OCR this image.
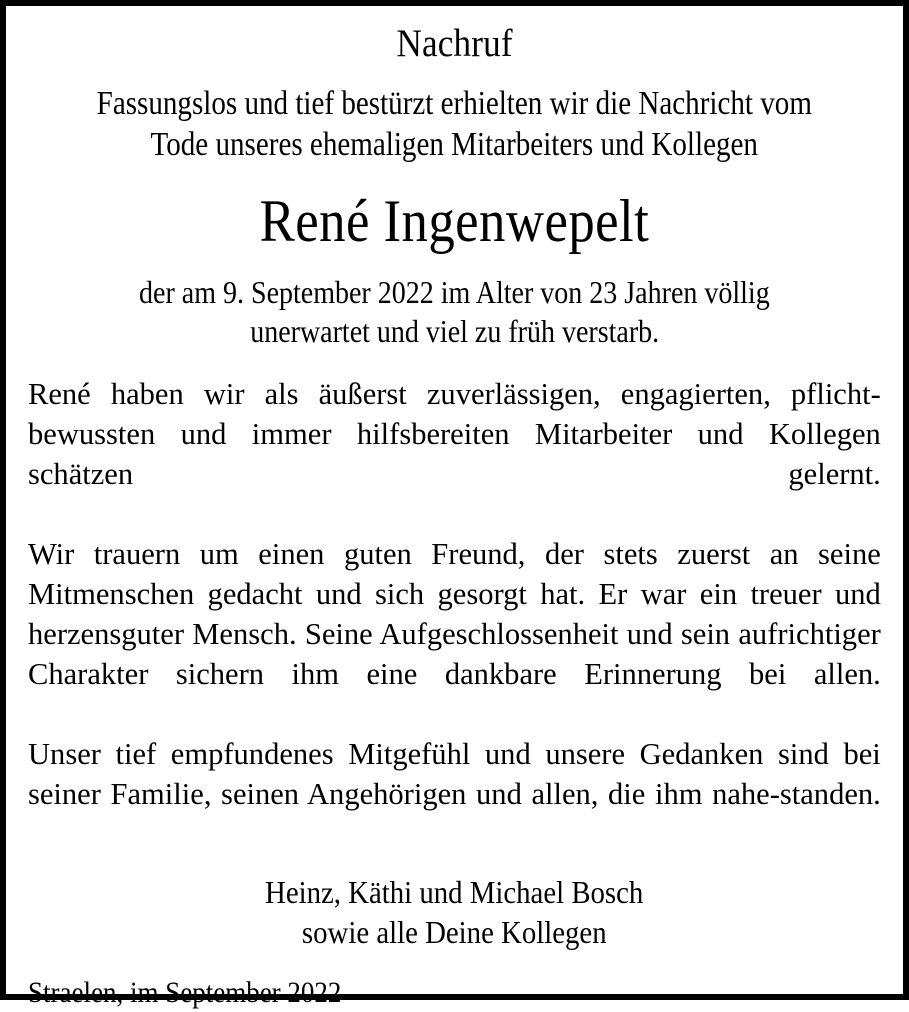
Nachruf
Fassungslos und tief bestürzt erhielten wir die Nachricht vom
Tode unseres ehemaligen Mitarbeiters und Kollegen
René Ingenwepelt
der am 9. September 2022 im Alter von 23 Jahren völlig
unerwartet und viel zu früh verstarb.

René haben wir als äußerst zuverlässigen, engagierten, pflicht-bewussten und immer hilfsbereiten Mitarbeiter und Kollegen schätzen gelernt.

Wir trauern um einen guten Freund, der stets zuerst an seine Mitmenschen gedacht und sich gesorgt hat. Er war ein treuer und herzensguter Mensch. Seine Aufgeschlossenheit und sein aufrichtiger Charakter sichern ihm eine dankbare Erinnerung bei allen.

Unser tief empfundenes Mitgefühl und unsere Gedanken sind bei seiner Familie, seinen Angehörigen und allen, die ihm nahe-standen.

Heinz, Käthi und Michael Bosch
sowie alle Deine Kollegen
Straelen, im September 2022
